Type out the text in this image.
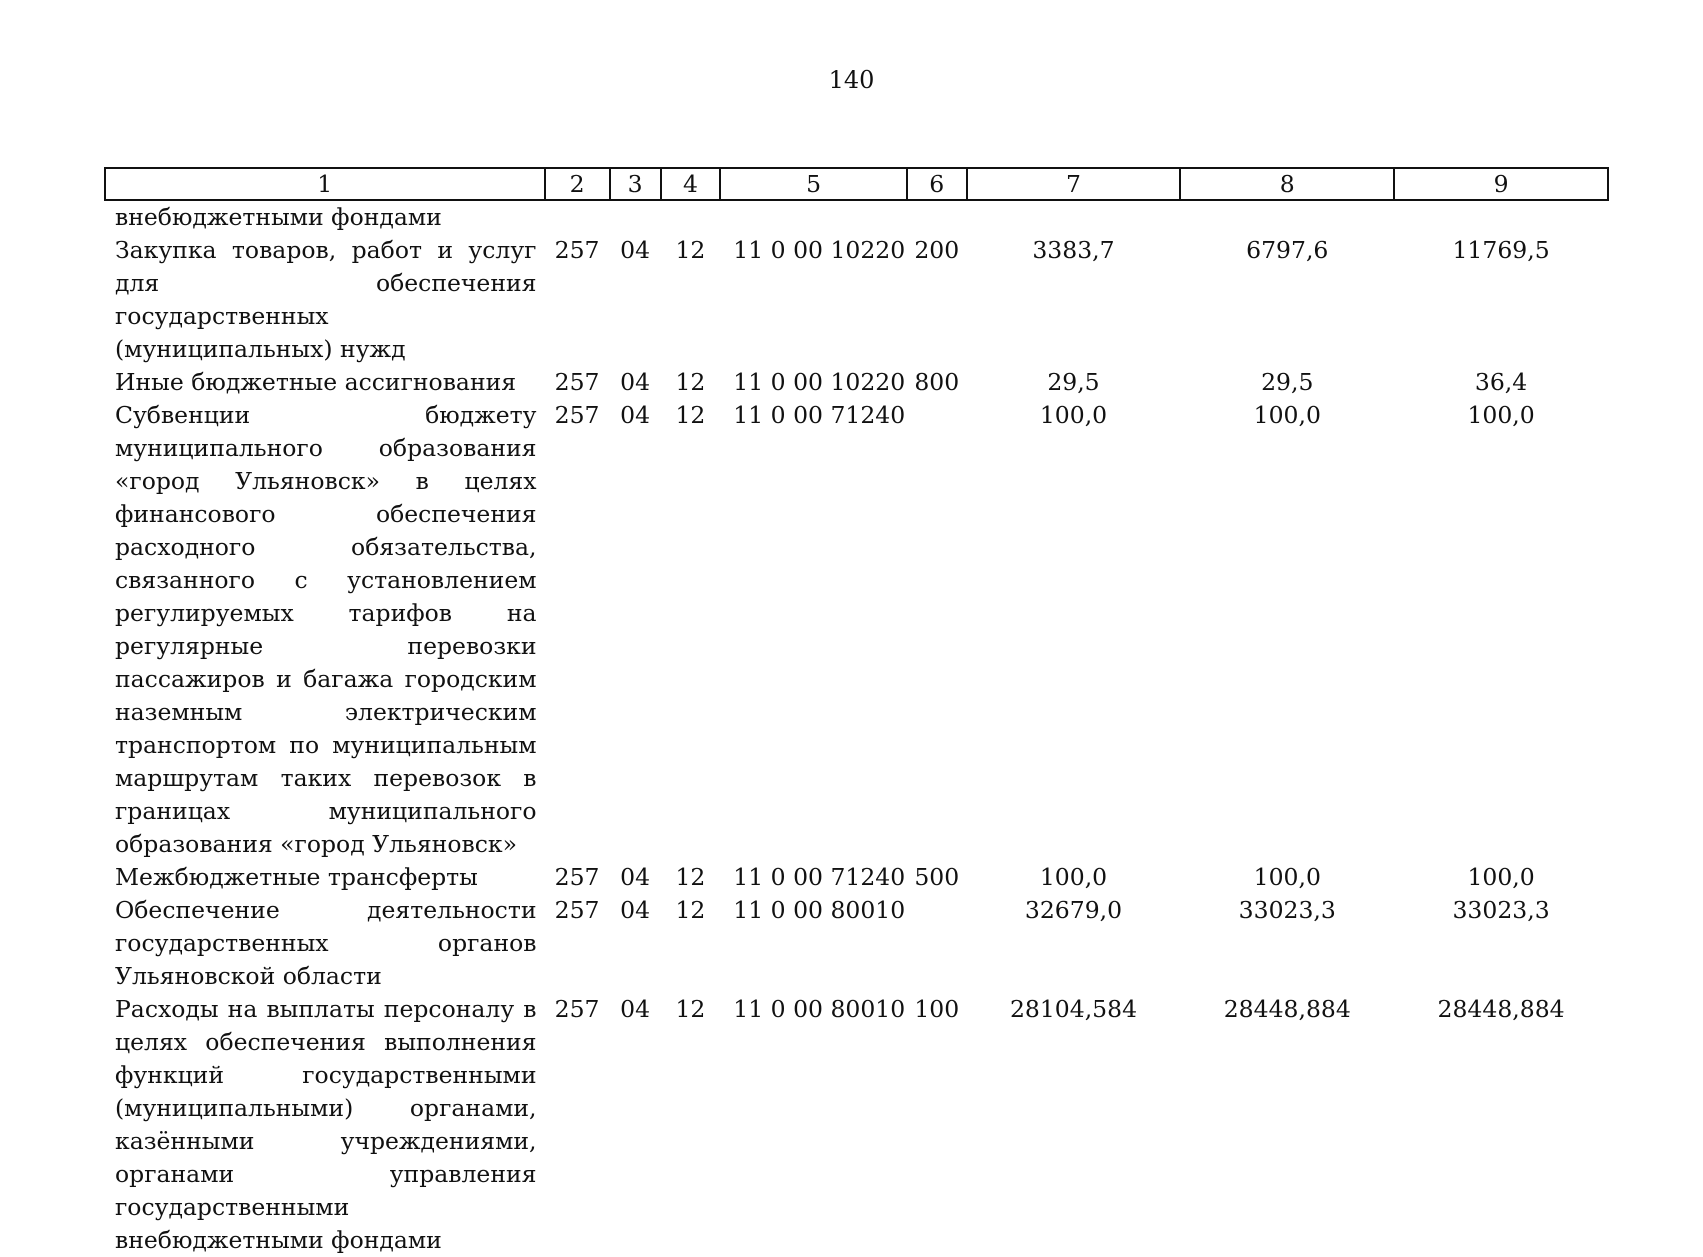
140
1	2	3	4	5	6	7	8	9
внебюджетными фондами								
Закупка товаров, работ и услуг для обеспечения государственных (муниципальных) нужд	257	04	12	11 0 00 10220	200	3383,7	6797,6	11769,5
Иные бюджетные ассигнования	257	04	12	11 0 00 10220	800	29,5	29,5	36,4
Субвенции бюджету муниципального образования «город Ульяновск» в целях финансового обеспечения расходного обязательства, связанного с установлением регулируемых тарифов на регулярные перевозки пассажиров и багажа городским наземным электрическим транспортом по муниципальным маршрутам таких перевозок в границах муниципального образования «город Ульяновск»	257	04	12	11 0 00 71240		100,0	100,0	100,0
Межбюджетные трансферты	257	04	12	11 0 00 71240	500	100,0	100,0	100,0
Обеспечение деятельности государственных органов Ульяновской области	257	04	12	11 0 00 80010		32679,0	33023,3	33023,3
Расходы на выплаты персоналу в целях обеспечения выполнения функций государственными (муниципальными) органами, казёнными учреждениями, органами управления государственными внебюджетными фондами	257	04	12	11 0 00 80010	100	28104,584	28448,884	28448,884
